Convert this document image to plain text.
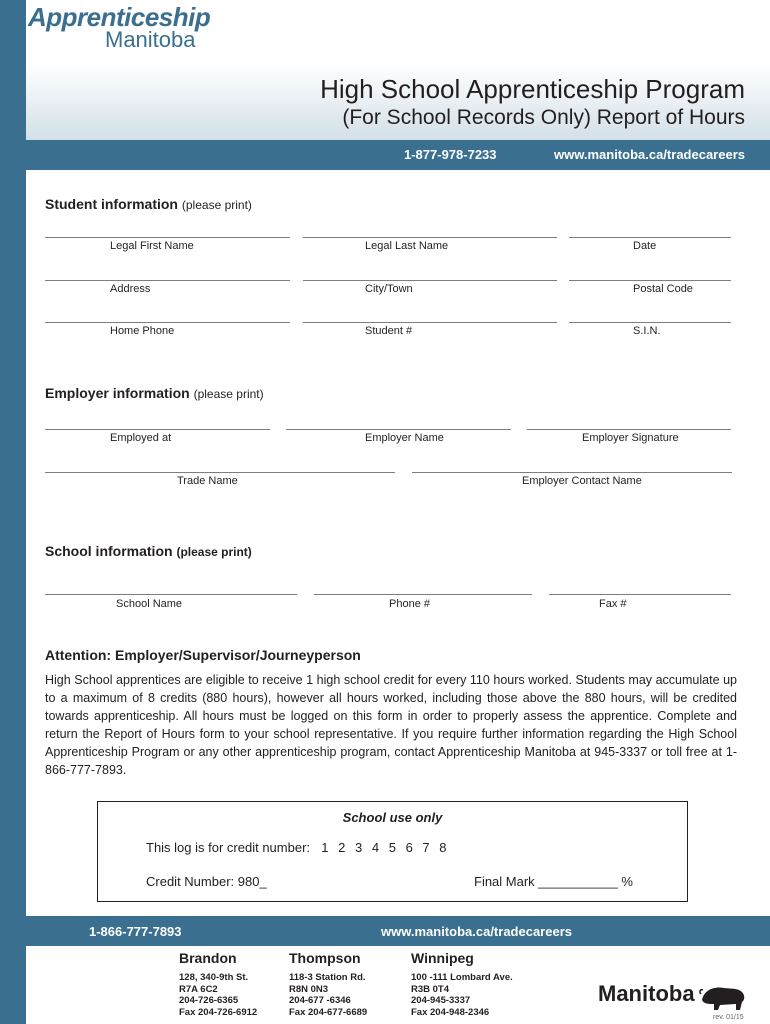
Apprenticeship
Manitoba
High School Apprenticeship Program
(For School Records Only) Report of Hours
1-877-978-7233	www.manitoba.ca/tradecareers
Student information (please print)
Legal First Name	Legal Last Name	Date
Address	City/Town	Postal Code
Home Phone	Student #	S.I.N.
Employer information (please print)
Employed at	Employer Name	Employer Signature
Trade Name	Employer Contact Name
School information (please print)
School Name	Phone #	Fax #
Attention: Employer/Supervisor/Journeyperson
High School apprentices are eligible to receive 1 high school credit for every 110 hours worked. Students may accumulate up to a maximum of 8 credits (880 hours), however all hours worked, including those above the 880 hours, will be credited towards apprenticeship. All hours must be logged on this form in order to properly assess the apprentice. Complete and return the Report of Hours form to your school representative. If you require further information regarding the High School Apprenticeship Program or any other apprenticeship program, contact Apprenticeship Manitoba at 945-3337 or toll free at 1-866-777-7893.
School use only
This log is for credit number: 1 2 3 4 5 6 7 8
Credit Number: 980_	Final Mark ___________ %
1-866-777-7893	www.manitoba.ca/tradecareers
Brandon
128, 340-9th St.
R7A 6C2
204-726-6365
Fax 204-726-6912
Thompson
118-3 Station Rd.
R8N 0N3
204-677 -6346
Fax 204-677-6689
Winnipeg
100 -111 Lombard Ave.
R3B 0T4
204-945-3337
Fax 204-948-2346
Manitoba
rev. 01/15
